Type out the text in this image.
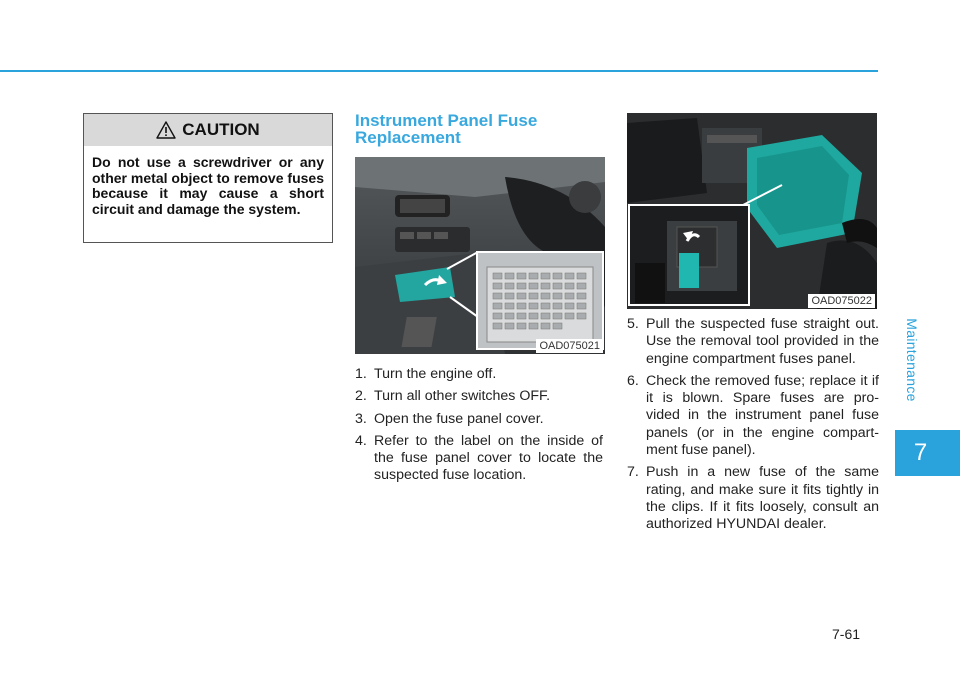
Maintenance
7
CAUTION
Do not use a screwdriver or any other metal object to remove fuses because it may cause a short circuit and damage the system.
Instrument Panel Fuse
Replacement
OAD075021
OAD075022
1. Turn the engine off.
2. Turn all other switches OFF.
3. Open the fuse panel cover.
4. Refer to the label on the inside of the fuse panel cover to locate the suspected fuse location.
5. Pull the suspected fuse straight out. Use the removal tool provided in the engine compartment fuses panel.
6. Check the removed fuse; replace it if it is blown. Spare fuses are pro-vided in the instrument panel fuse panels (or in the engine compart-ment fuse panel).
7. Push in a new fuse of the same rating, and make sure it fits tightly in the clips. If it fits loosely, consult an authorized HYUNDAI dealer.
7-61
